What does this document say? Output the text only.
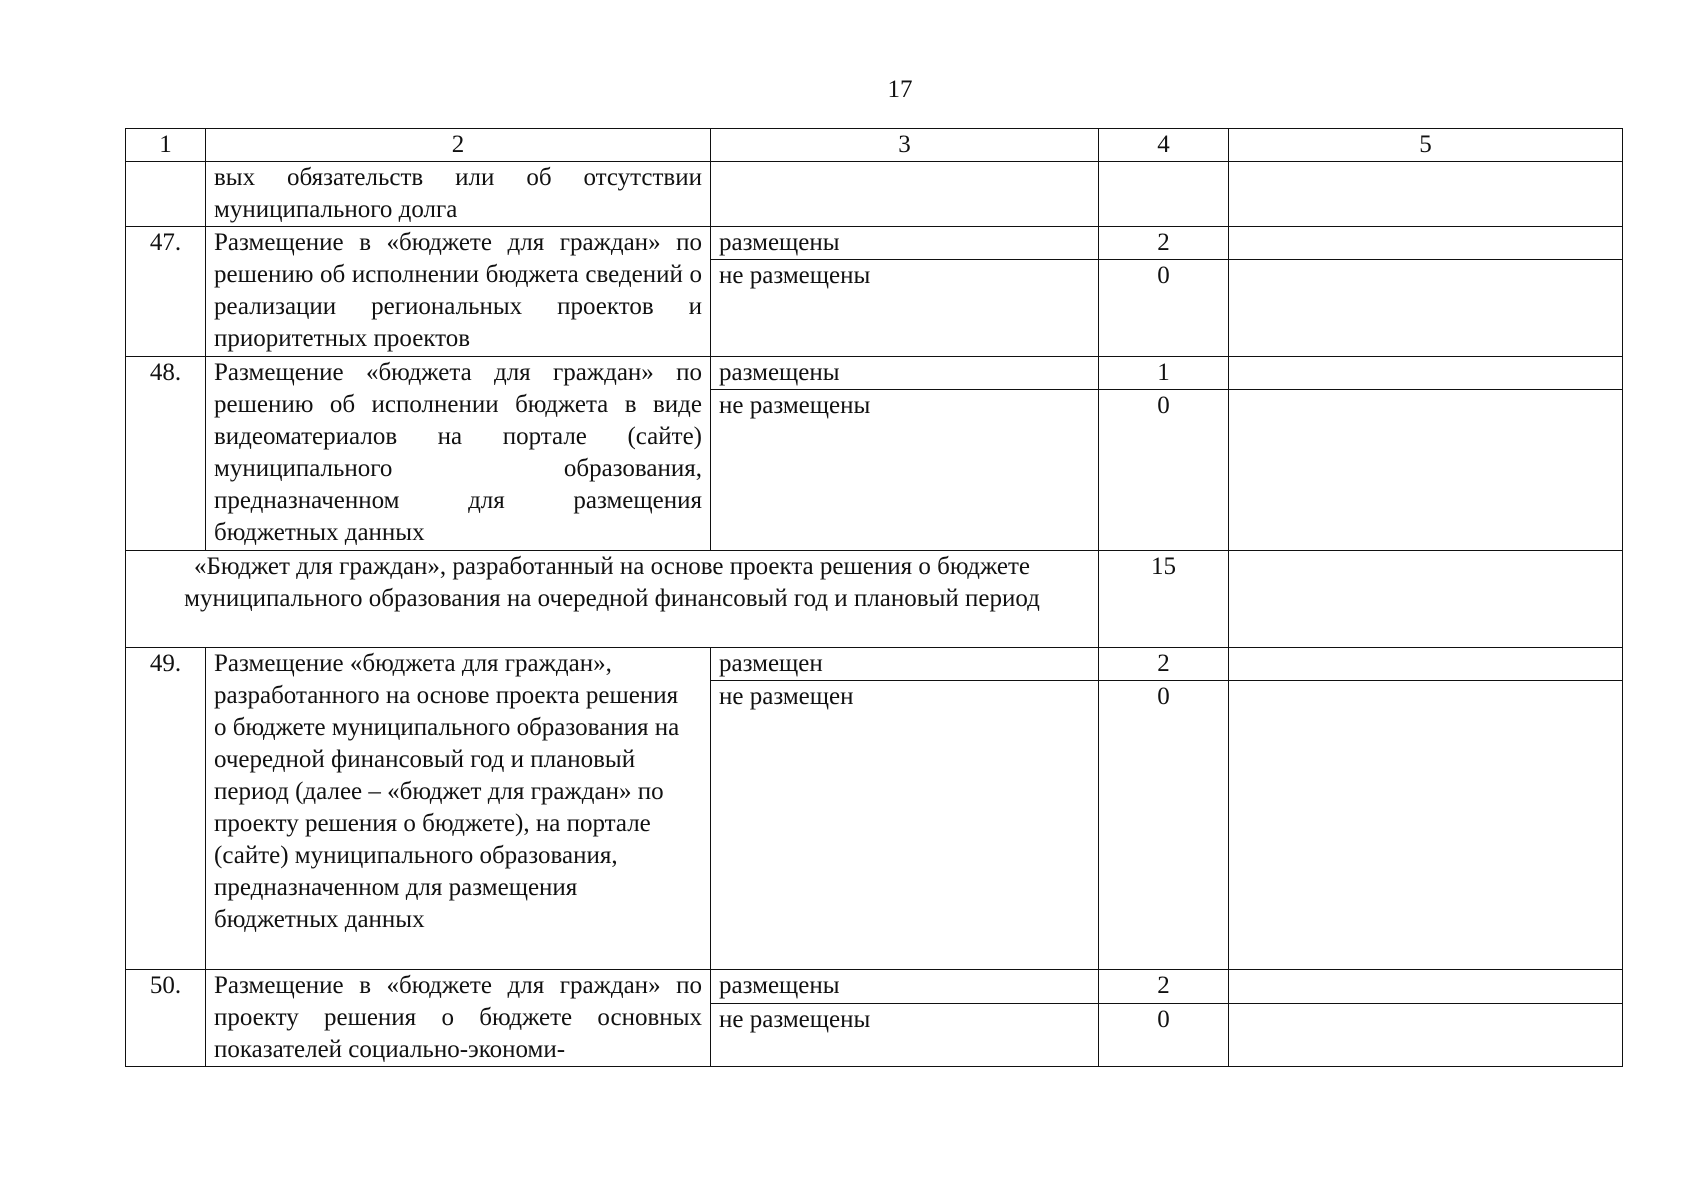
17
1	2	3	4	5
	вых обязательств или об отсутствии муниципального долга			
47.	Размещение в «бюджете для граждан» по решению об исполнении бюджета сведений о реализации региональных проектов и приоритетных проектов	размещены	2	
		не размещены	0	
48.	Размещение «бюджета для граждан» по решению об исполнении бюджета в виде видеоматериалов на портале (сайте) муниципального образования, предназначенном для размещения бюджетных данных	размещены	1	
		не размещены	0	
«Бюджет для граждан», разработанный на основе проекта решения о бюджете муниципального образования на очередной финансовый год и плановый период			15	
49.	Размещение «бюджета для граждан», разработанного на основе проекта решения о бюджете муниципального образования на очередной финансовый год и плановый период (далее – «бюджет для граждан» по проекту решения о бюджете), на портале (сайте) муниципального образования, предназначенном для размещения бюджетных данных	размещен	2	
		не размещен	0	
50.	Размещение в «бюджете для граждан» по проекту решения о бюджете основных показателей социально-экономи-	размещены	2	
		не размещены	0	
